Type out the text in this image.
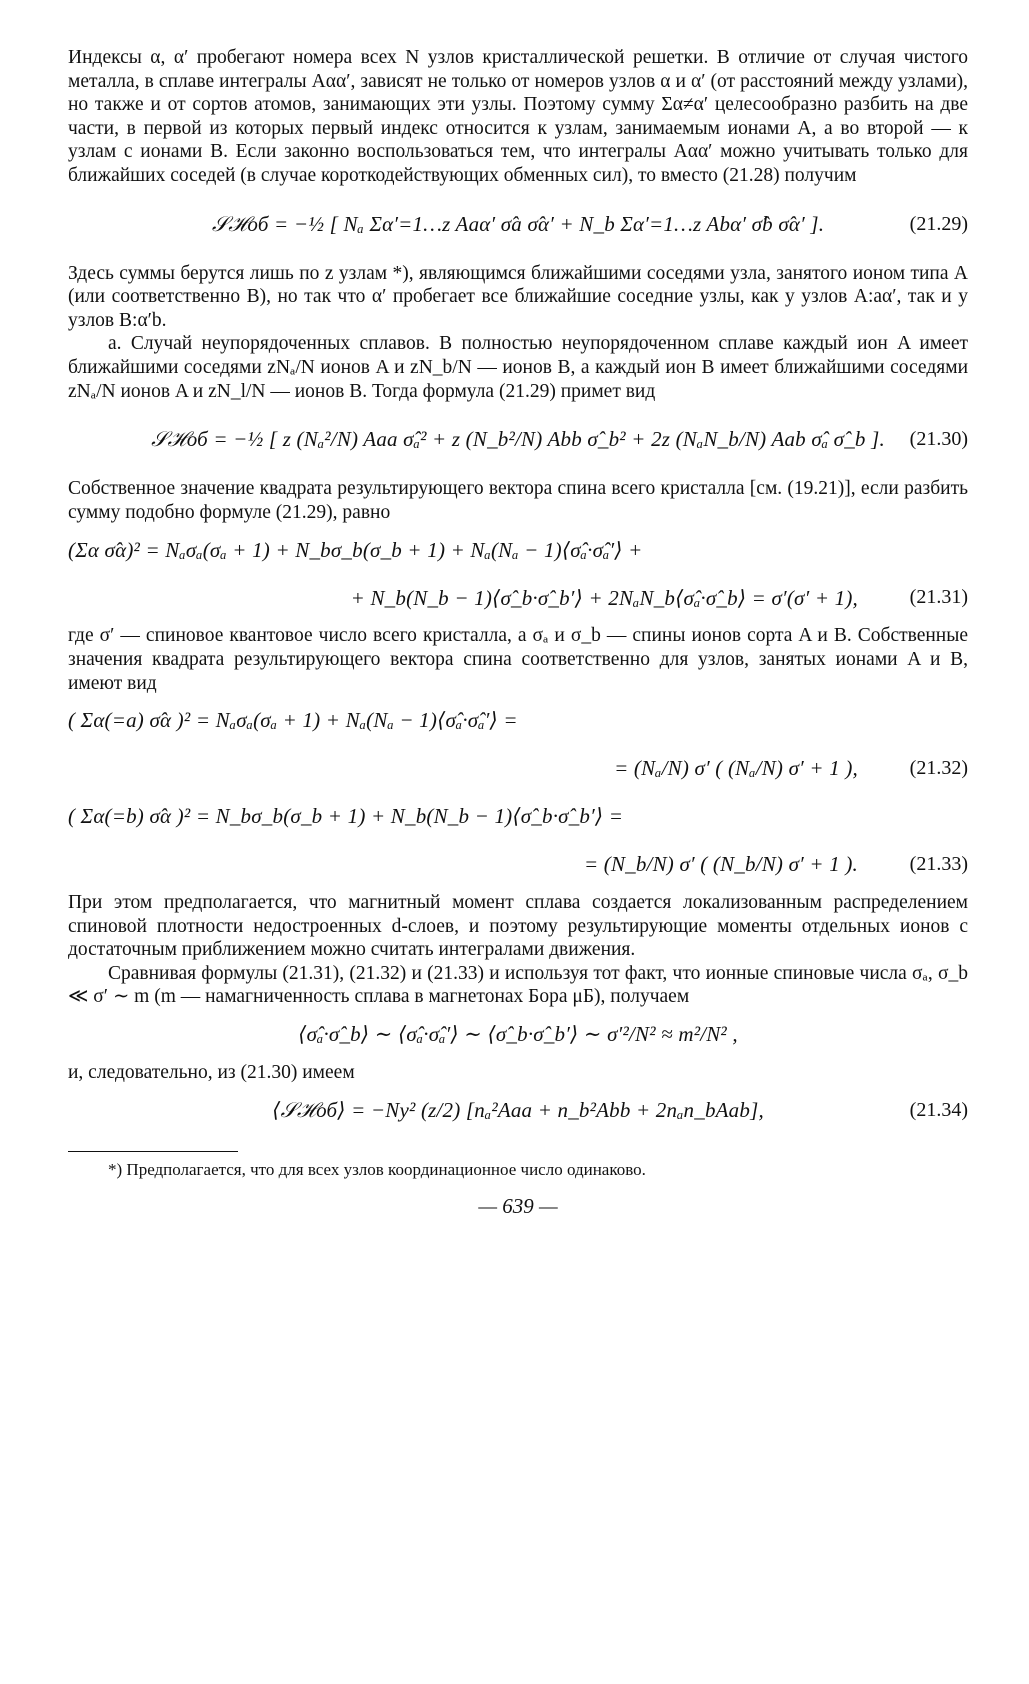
Индексы α, α′ пробегают номера всех N узлов кристаллической решетки. В отличие от случая чистого металла, в сплаве интегралы Aαα′, зависят не только от номеров узлов α и α′ (от расстояний между узлами), но также и от сортов атомов, занимающих эти узлы. Поэтому сумму Σα≠α′ целесообразно разбить на две части, в первой из которых первый индекс относится к узлам, занимаемым ионами A, а во второй — к узлам с ионами B. Если законно воспользоваться тем, что интегралы Aαα′ можно учитывать только для ближайших соседей (в случае короткодействующих обменных сил), то вместо (21.28) получим

𝒮ℋоб = −½ [ Nₐ Σα′=1…z Aaα′ σ̂a σ̂α′ + N_b Σα′=1…z Abα′ σ̂b σ̂α′ ].	(21.29)

Здесь суммы берутся лишь по z узлам *), являющимся ближайшими соседями узла, занятого ионом типа A (или соответственно B), но так что α′ пробегает все ближайшие соседние узлы, как у узлов A:aα′, так и у узлов B:α′b.

а. Случай неупорядоченных сплавов. В полностью неупорядоченном сплаве каждый ион A имеет ближайшими соседями zNₐ/N ионов A и zN_b/N — ионов B, а каждый ион B имеет ближайшими соседями zNₐ/N ионов A и zN_l/N — ионов B. Тогда формула (21.29) примет вид

𝒮ℋоб = −½ [ z (Nₐ²/N) Aaa σ̂ₐ² + z (N_b²/N) Abb σ̂_b² + 2z (NₐN_b/N) Aab σ̂ₐ σ̂_b ]. (21.30)

Собственное значение квадрата результирующего вектора спина всего кристалла [см. (19.21)], если разбить сумму подобно формуле (21.29), равно

(Σα σ̂α)² = Nₐσₐ(σₐ + 1) + N_bσ_b(σ_b + 1) + Nₐ(Nₐ − 1)⟨σ̂ₐ·σ̂ₐ′⟩ +
+ N_b(N_b − 1)⟨σ̂_b·σ̂_b′⟩ + 2NₐN_b⟨σ̂ₐ·σ̂_b⟩ = σ′(σ′ + 1),	(21.31)

где σ′ — спиновое квантовое число всего кристалла, а σₐ и σ_b — спины ионов сорта A и B. Собственные значения квадрата результирующего вектора спина соответственно для узлов, занятых ионами A и B, имеют вид

( Σα(=a) σ̂α )² = Nₐσₐ(σₐ + 1) + Nₐ(Nₐ − 1)⟨σ̂ₐ·σ̂ₐ′⟩ =
= (Nₐ/N) σ′ ( (Nₐ/N) σ′ + 1 ),	(21.32)
( Σα(=b) σ̂α )² = N_bσ_b(σ_b + 1) + N_b(N_b − 1)⟨σ̂_b·σ̂_b′⟩ =
= (N_b/N) σ′ ( (N_b/N) σ′ + 1 ).	(21.33)

При этом предполагается, что магнитный момент сплава создается локализованным распределением спиновой плотности недостроенных d-слоев, и поэтому результирующие моменты отдельных ионов с достаточным приближением можно считать интегралами движения.

Сравнивая формулы (21.31), (21.32) и (21.33) и используя тот факт, что ионные спиновые числа σₐ, σ_b ≪ σ′ ∼ m (m — намагниченность сплава в магнетонах Бора μБ), получаем

⟨σ̂ₐ·σ̂_b⟩ ∼ ⟨σ̂ₐ·σ̂ₐ′⟩ ∼ ⟨σ̂_b·σ̂_b′⟩ ∼ σ′²/N² ≈ m²/N² ,

и, следовательно, из (21.30) имеем

⟨𝒮ℋоб⟩ = −Ny² (z/2) [nₐ²Aaa + n_b²Abb + 2nₐn_bAab],	(21.34)
*) Предполагается, что для всех узлов координационное число одинаково.
— 639 —
